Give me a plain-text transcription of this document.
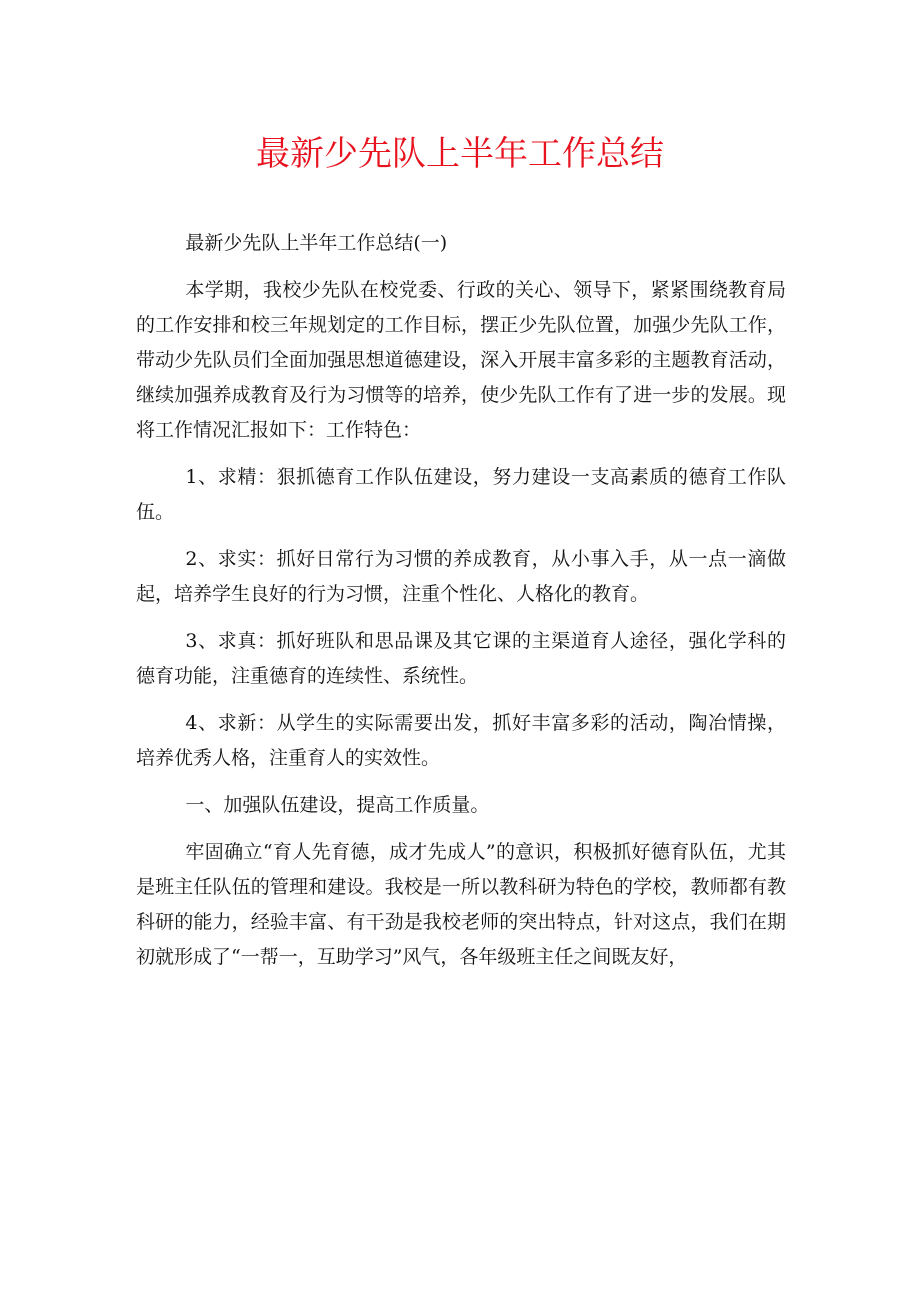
最新少先队上半年工作总结

最新少先队上半年工作总结(一)

本学期，我校少先队在校党委、行政的关心、领导下，紧紧围绕教育局的工作安排和校三年规划定的工作目标，摆正少先队位置，加强少先队工作，带动少先队员们全面加强思想道德建设，深入开展丰富多彩的主题教育活动，继续加强养成教育及行为习惯等的培养，使少先队工作有了进一步的发展。现将工作情况汇报如下：工作特色：

1、求精：狠抓德育工作队伍建设，努力建设一支高素质的德育工作队伍。

2、求实：抓好日常行为习惯的养成教育，从小事入手，从一点一滴做起，培养学生良好的行为习惯，注重个性化、人格化的教育。

3、求真：抓好班队和思品课及其它课的主渠道育人途径，强化学科的德育功能，注重德育的连续性、系统性。

4、求新：从学生的实际需要出发，抓好丰富多彩的活动，陶冶情操，培养优秀人格，注重育人的实效性。

一、加强队伍建设，提高工作质量。

牢固确立“育人先育德，成才先成人”的意识，积极抓好德育队伍，尤其是班主任队伍的管理和建设。我校是一所以教科研为特色的学校，教师都有教科研的能力，经验丰富、有干劲是我校老师的突出特点，针对这点，我们在期初就形成了“一帮一，互助学习”风气，各年级班主任之间既友好，
